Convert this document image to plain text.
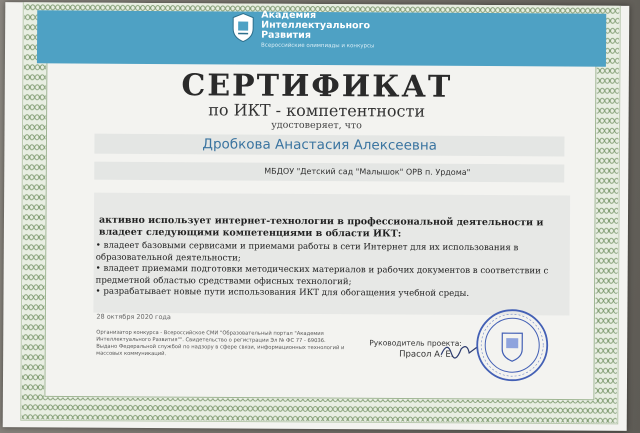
Академия
Интеллектуального
Развития
Всероссийские олимпиады и конкурсы
СЕРТИФИКАТ
по ИКТ - компетентности
удостоверяет, что
Дробкова Анастасия Алексеевна
МБДОУ "Детский сад "Малышок" ОРВ п. Урдома"
активно использует интернет-технологии в профессиональной деятельности и владеет следующими компетенциями в области ИКТ:
• владеет базовыми сервисами и приемами работы в сети Интернет для их использования в образовательной деятельности;
• владеет приемами подготовки методических материалов и рабочих документов в соответствии с предметной областью средствами офисных технологий;
• разрабатывает новые пути использования ИКТ для обогащения учебной среды.
28 октября 2020 года
Организатор конкурса - Всероссийское СМИ "Образовательный портал "Академия Интеллектуального Развития"". Свидетельство о регистрации Эл № ФС 77 - 69036. Выдано Федеральной службой по надзору в сфере связи, информационных технологий и массовых коммуникаций.
Руководитель проекта:
Прасол А. Е.
